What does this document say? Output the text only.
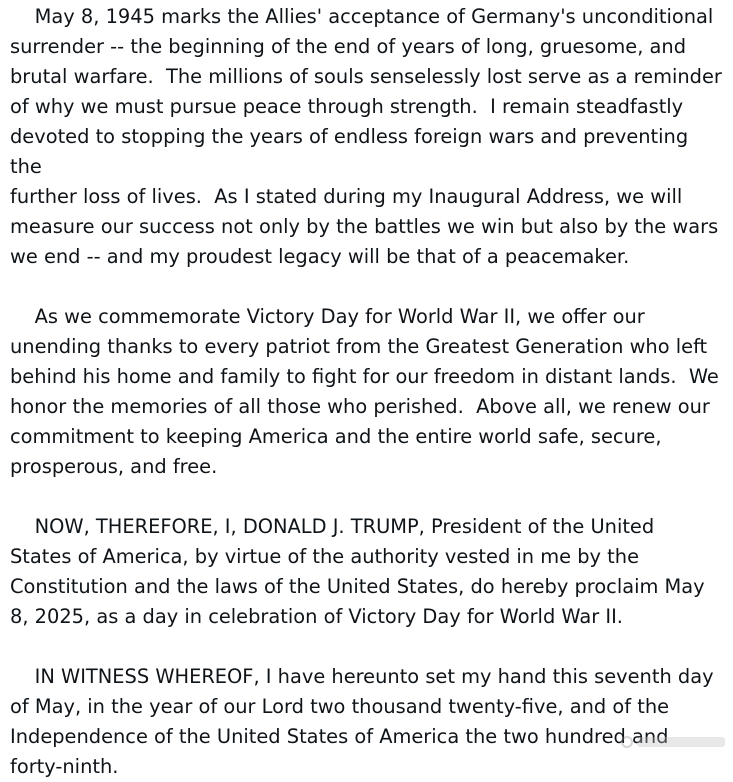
May 8, 1945 marks the Allies' acceptance of Germany's unconditional
surrender -- the beginning of the end of years of long, gruesome, and
brutal warfare.  The millions of souls senselessly lost serve as a reminder
of why we must pursue peace through strength.  I remain steadfastly
devoted to stopping the years of endless foreign wars and preventing the
further loss of lives.  As I stated during my Inaugural Address, we will
measure our success not only by the battles we win but also by the wars
we end -- and my proudest legacy will be that of a peacemaker.

As we commemorate Victory Day for World War II, we offer our
unending thanks to every patriot from the Greatest Generation who left
behind his home and family to fight for our freedom in distant lands.  We
honor the memories of all those who perished.  Above all, we renew our
commitment to keeping America and the entire world safe, secure,
prosperous, and free.

NOW, THEREFORE, I, DONALD J. TRUMP, President of the United
States of America, by virtue of the authority vested in me by the
Constitution and the laws of the United States, do hereby proclaim May
8, 2025, as a day in celebration of Victory Day for World War II.

IN WITNESS WHEREOF, I have hereunto set my hand this seventh day
of May, in the year of our Lord two thousand twenty-five, and of the
Independence of the United States of America the two hundred
forty-ninth.
